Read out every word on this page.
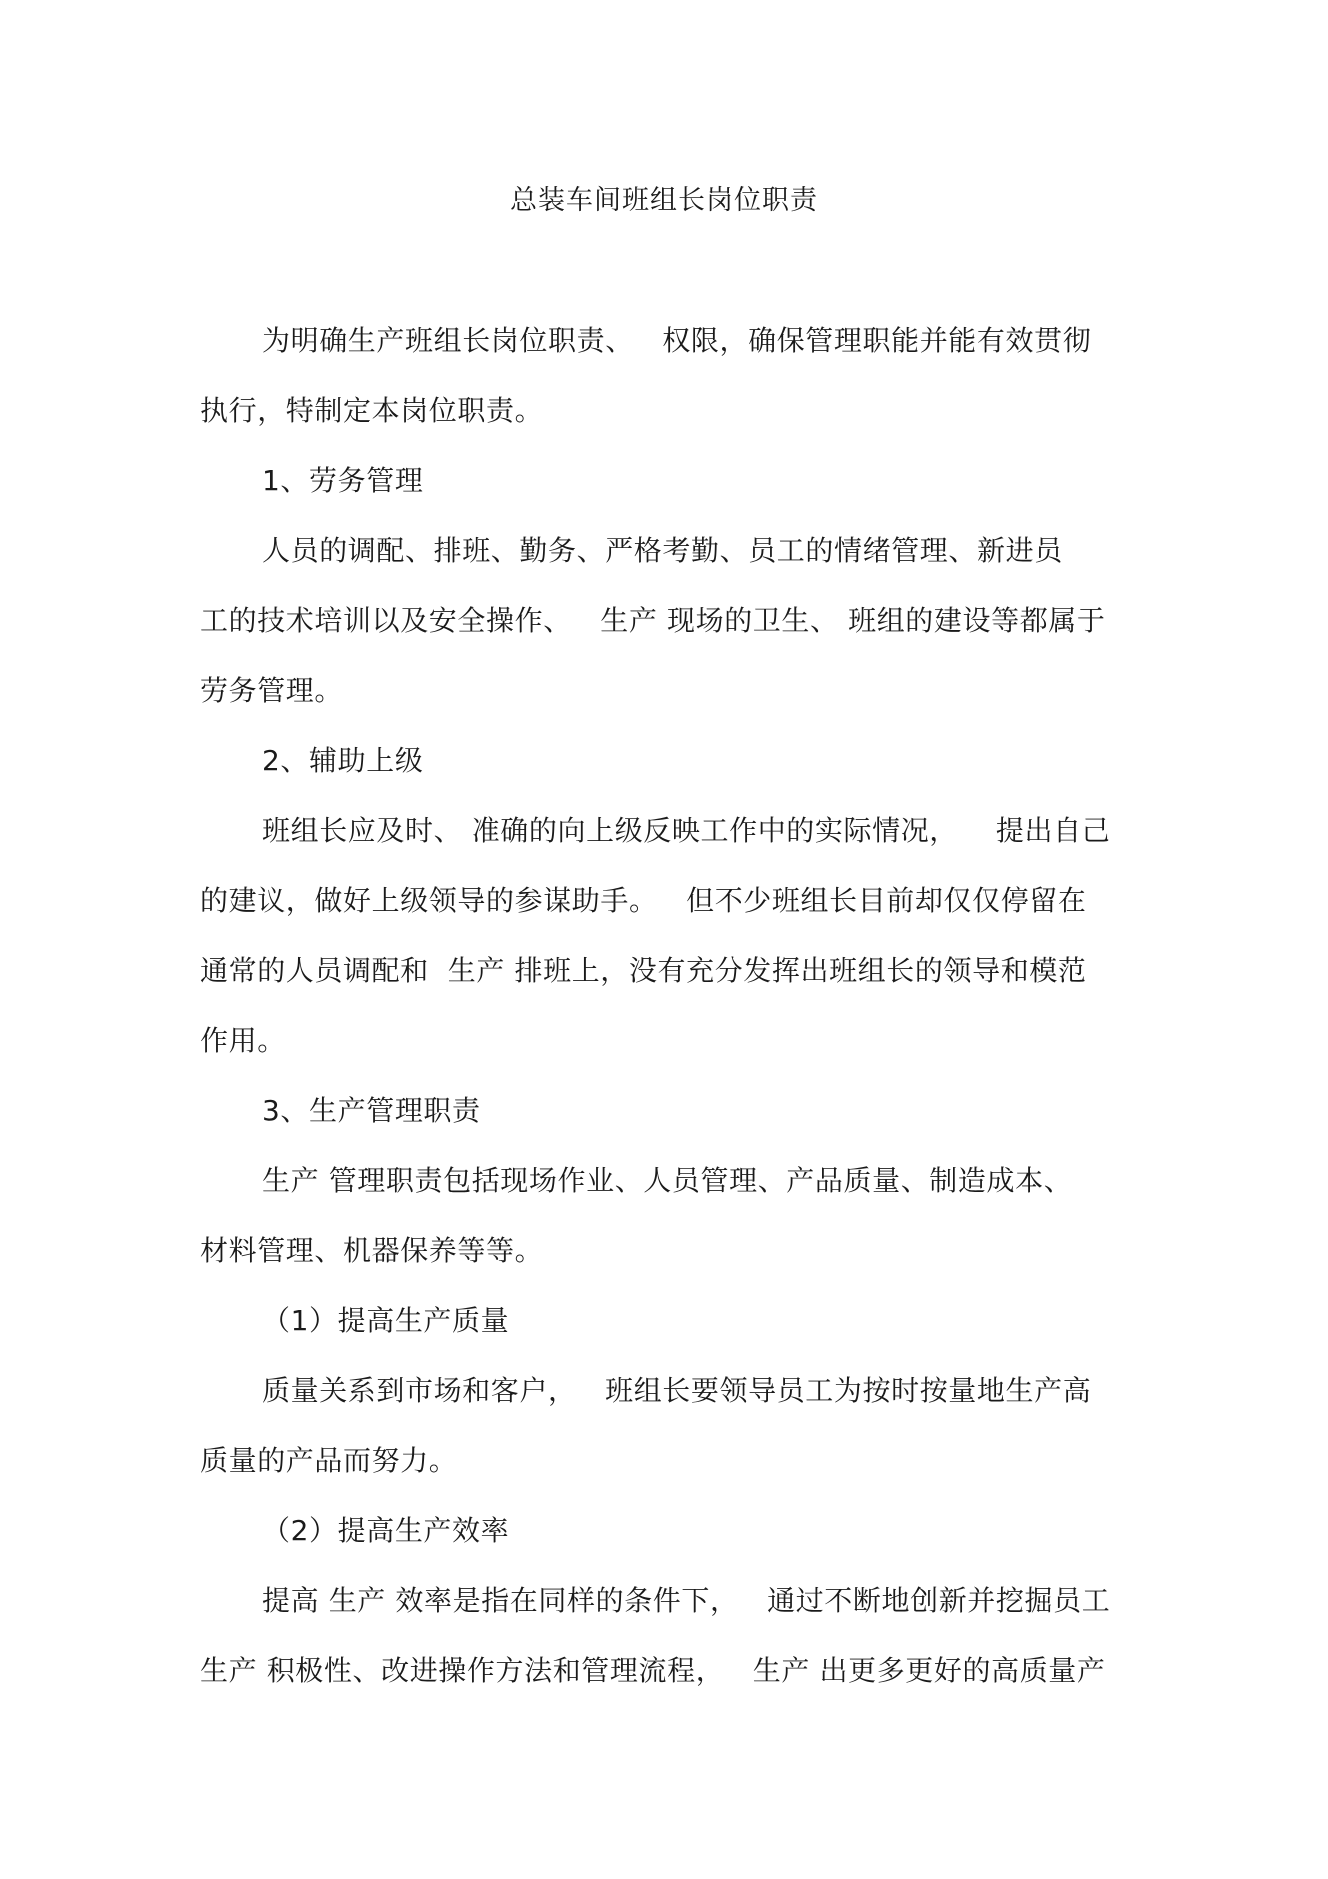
总装车间班组长岗位职责
为明确生产班组长岗位职责、   权限，确保管理职能并能有效贯彻
执行，特制定本岗位职责。
1、劳务管理
人员的调配、排班、勤务、严格考勤、员工的情绪管理、新进员
工的技术培训以及安全操作、   生产 现场的卫生、 班组的建设等都属于
劳务管理。
2、辅助上级
班组长应及时、 准确的向上级反映工作中的实际情况，    提出自己
的建议，做好上级领导的参谋助手。   但不少班组长目前却仅仅停留在
通常的人员调配和  生产 排班上，没有充分发挥出班组长的领导和模范
作用。
3、生产管理职责
生产 管理职责包括现场作业、人员管理、产品质量、制造成本、
材料管理、机器保养等等。
（1）提高生产质量
质量关系到市场和客户，   班组长要领导员工为按时按量地生产高
质量的产品而努力。
（2）提高生产效率
提高 生产 效率是指在同样的条件下，   通过不断地创新并挖掘员工
生产 积极性、改进操作方法和管理流程，   生产 出更多更好的高质量产
